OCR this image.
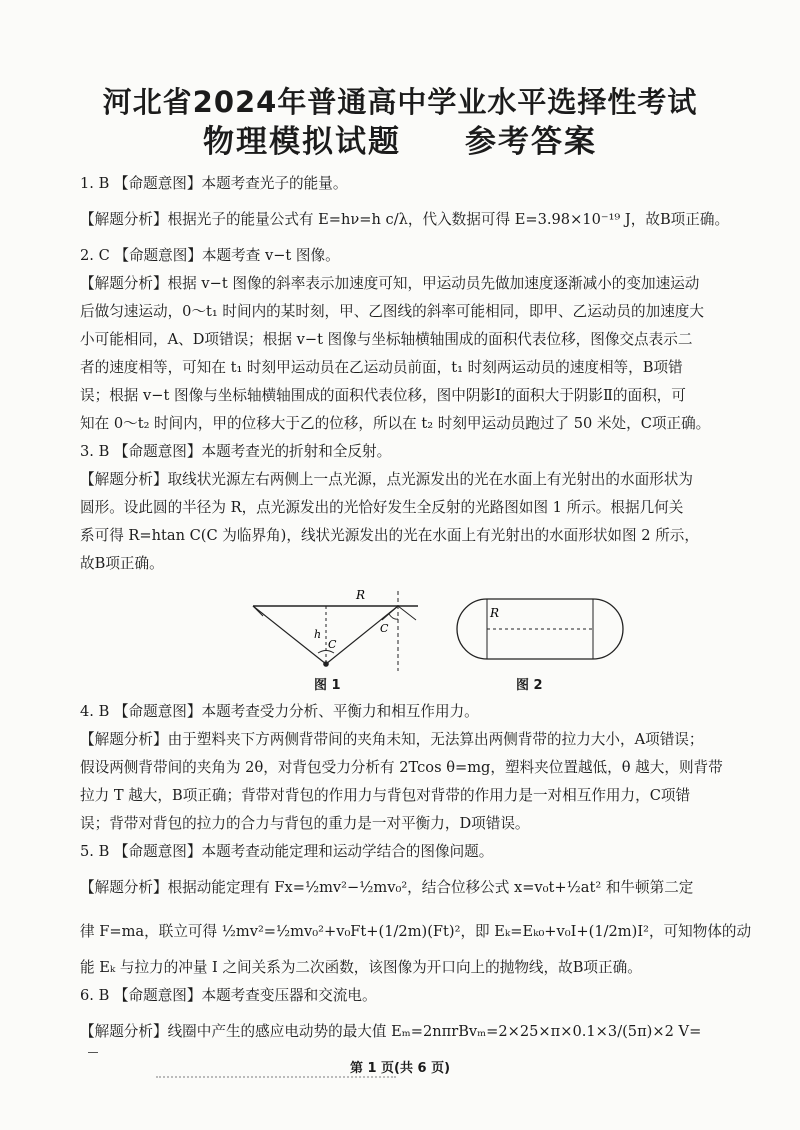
河北省2024年普通高中学业水平选择性考试
物理模拟试题 参考答案
1. B 【命题意图】本题考查光子的能量。
【解题分析】根据光子的能量公式有 E=hν=h c/λ，代入数据可得 E=3.98×10⁻¹⁹ J，故B项正确。
2. C 【命题意图】本题考查 v−t 图像。
【解题分析】根据 v−t 图像的斜率表示加速度可知，甲运动员先做加速度逐渐减小的变加速运动
后做匀速运动，0～t₁ 时间内的某时刻，甲、乙图线的斜率可能相同，即甲、乙运动员的加速度大
小可能相同，A、D项错误；根据 v−t 图像与坐标轴横轴围成的面积代表位移，图像交点表示二
者的速度相等，可知在 t₁ 时刻甲运动员在乙运动员前面，t₁ 时刻两运动员的速度相等，B项错
误；根据 v−t 图像与坐标轴横轴围成的面积代表位移，图中阴影Ⅰ的面积大于阴影Ⅱ的面积，可
知在 0～t₂ 时间内，甲的位移大于乙的位移，所以在 t₂ 时刻甲运动员跑过了 50 米处，C项正确。
3. B 【命题意图】本题考查光的折射和全反射。
【解题分析】取线状光源左右两侧上一点光源，点光源发出的光在水面上有光射出的水面形状为
圆形。设此圆的半径为 R，点光源发出的光恰好发生全反射的光路图如图 1 所示。根据几何关
系可得 R=htan C(C 为临界角)，线状光源发出的光在水面上有光射出的水面形状如图 2 所示，
故B项正确。
R
h
C
C
图 1
R
图 2
4. B 【命题意图】本题考查受力分析、平衡力和相互作用力。
【解题分析】由于塑料夹下方两侧背带间的夹角未知，无法算出两侧背带的拉力大小，A项错误；
假设两侧背带间的夹角为 2θ，对背包受力分析有 2Tcos θ=mg，塑料夹位置越低，θ 越大，则背带
拉力 T 越大，B项正确；背带对背包的作用力与背包对背带的作用力是一对相互作用力，C项错
误；背带对背包的拉力的合力与背包的重力是一对平衡力，D项错误。
5. B 【命题意图】本题考查动能定理和运动学结合的图像问题。
【解题分析】根据动能定理有 Fx=½mv²−½mv₀²，结合位移公式 x=v₀t+½at² 和牛顿第二定
律 F=ma，联立可得 ½mv²=½mv₀²+v₀Ft+(1/2m)(Ft)²，即 Eₖ=Eₖ₀+v₀I+(1/2m)I²，可知物体的动
能 Eₖ 与拉力的冲量 I 之间关系为二次函数，该图像为开口向上的抛物线，故B项正确。
6. B 【命题意图】本题考查变压器和交流电。
【解题分析】线圈中产生的感应电动势的最大值 Eₘ=2nπrBvₘ=2×25×π×0.1×3/(5π)×2 V=
第 1 页(共 6 页)
